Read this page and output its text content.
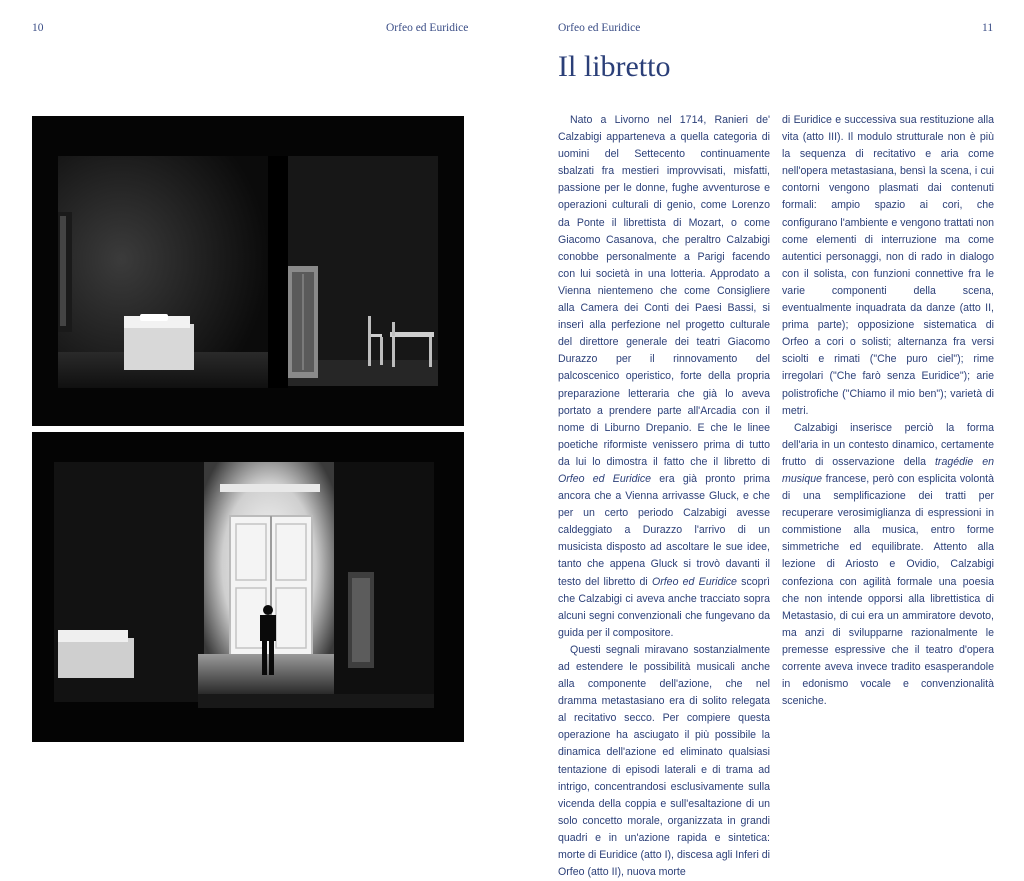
10	Orfeo ed Euridice	Orfeo ed Euridice	11
Il libretto

Nato a Livorno nel 1714, Ranieri de' Calzabigi apparteneva a quella categoria di uomini del Settecento continuamente sbalzati fra mestieri improvvisati, misfatti, passione per le donne, fughe avventurose e operazioni culturali di genio, come Lorenzo da Ponte il librettista di Mozart, o come Giacomo Casanova, che peraltro Calzabigi conobbe personalmente a Parigi facendo con lui società in una lotteria. Approdato a Vienna nientemeno che come Consigliere alla Camera dei Conti dei Paesi Bassi, si inserì alla perfezione nel progetto culturale del direttore generale dei teatri Giacomo Durazzo per il rinnovamento del palcoscenico operistico, forte della propria preparazione letteraria che già lo aveva portato a prendere parte all'Arcadia con il nome di Liburno Drepanio. E che le linee poetiche riformiste venissero prima di tutto da lui lo dimostra il fatto che il libretto di Orfeo ed Euridice era già pronto prima ancora che a Vienna arrivasse Gluck, e che per un certo periodo Calzabigi avesse caldeggiato a Durazzo l'arrivo di un musicista disposto ad ascoltare le sue idee, tanto che appena Gluck si trovò davanti il testo del libretto di Orfeo ed Euridice scoprì che Calzabigi ci aveva anche tracciato sopra alcuni segni convenzionali che fungevano da guida per il compositore.

Questi segnali miravano sostanzialmente ad estendere le possibilità musicali anche alla componente dell'azione, che nel dramma metastasiano era di solito relegata al recitativo secco. Per compiere questa operazione ha asciugato il più possibile la dinamica dell'azione ed eliminato qualsiasi tentazione di episodi laterali e di trama ad intrigo, concentrandosi esclusivamente sulla vicenda della coppia e sull'esaltazione di un solo concetto morale, organizzata in grandi quadri e in un'azione rapida e sintetica: morte di Euridice (atto I), discesa agli Inferi di Orfeo (atto II), nuova morte

di Euridice e successiva sua restituzione alla vita (atto III). Il modulo strutturale non è più la sequenza di recitativo e aria come nell'opera metastasiana, bensì la scena, i cui contorni vengono plasmati dai contenuti formali: ampio spazio ai cori, che configurano l'ambiente e vengono trattati non come elementi di interruzione ma come autentici personaggi, non di rado in dialogo con il solista, con funzioni connettive fra le varie componenti della scena, eventualmente inquadrata da danze (atto II, prima parte); opposizione sistematica di Orfeo a cori o solisti; alternanza fra versi sciolti e rimati ("Che puro ciel"); rime irregolari ("Che farò senza Euridice"); arie polistrofiche ("Chiamo il mio ben"); varietà di metri.

Calzabigi inserisce perciò la forma dell'aria in un contesto dinamico, certamente frutto di osservazione della tragédie en musique francese, però con esplicita volontà di una semplificazione dei tratti per recuperare verosimiglianza di espressioni in commistione alla musica, entro forme simmetriche ed equilibrate. Attento alla lezione di Ariosto e Ovidio, Calzabigi confeziona con agilità formale una poesia che non intende opporsi alla librettistica di Metastasio, di cui era un ammiratore devoto, ma anzi di svilupparne razionalmente le premesse espressive che il teatro d'opera corrente aveva invece tradito esasperandole in edonismo vocale e convenzionalità sceniche.
